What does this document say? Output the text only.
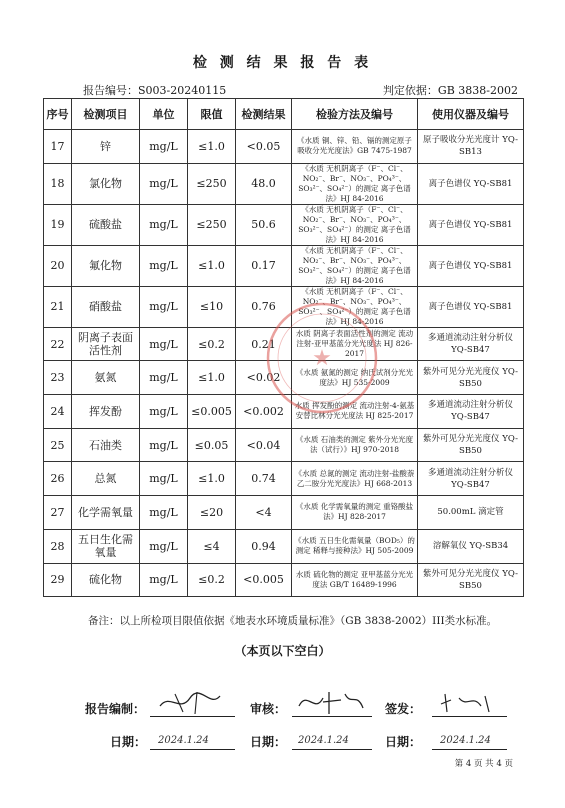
检 测 结 果 报 告 表
报告编号：S003-20240115	判定依据：GB 3838-2002
序号	检测项目	单位	限值	检测结果	检验方法及编号	使用仪器及编号
17	锌	mg/L	≤1.0	<0.05	《水质 铜、锌、铅、镉的测定原子吸收分光光度法》GB 7475-1987	原子吸收分光光度计 YQ-SB13
18	氯化物	mg/L	≤250	48.0	《水质 无机阴离子（F⁻、Cl⁻、NO₂⁻、Br⁻、NO₃⁻、PO₄³⁻、SO₃²⁻、SO₄²⁻）的测定 离子色谱法》HJ 84-2016	离子色谱仪 YQ-SB81
19	硫酸盐	mg/L	≤250	50.6	《水质 无机阴离子（F⁻、Cl⁻、NO₂⁻、Br⁻、NO₃⁻、PO₄³⁻、SO₃²⁻、SO₄²⁻）的测定 离子色谱法》HJ 84-2016	离子色谱仪 YQ-SB81
20	氟化物	mg/L	≤1.0	0.17	《水质 无机阴离子（F⁻、Cl⁻、NO₂⁻、Br⁻、NO₃⁻、PO₄³⁻、SO₃²⁻、SO₄²⁻）的测定 离子色谱法》HJ 84-2016	离子色谱仪 YQ-SB81
21	硝酸盐	mg/L	≤10	0.76	《水质 无机阴离子（F⁻、Cl⁻、NO₂⁻、Br⁻、NO₃⁻、PO₄³⁻、SO₃²⁻、SO₄²⁻）的测定 离子色谱法》HJ 84-2016	离子色谱仪 YQ-SB81
22	阴离子表面活性剂	mg/L	≤0.2	0.21	水质 阴离子表面活性剂的测定 流动注射-亚甲基蓝分光光度法 HJ 826-2017	多通道流动注射分析仪 YQ-SB47
23	氨氮	mg/L	≤1.0	<0.02	《水质 氨氮的测定 纳氏试剂分光光度法》HJ 535-2009	紫外可见分光光度仪 YQ-SB50
24	挥发酚	mg/L	≤0.005	<0.002	水质 挥发酚的测定 流动注射-4-氨基安替比林分光光度法 HJ 825-2017	多通道流动注射分析仪 YQ-SB47
25	石油类	mg/L	≤0.05	<0.04	《水质 石油类的测定 紫外分光光度法（试行）》HJ 970-2018	紫外可见分光光度仪 YQ-SB50
26	总氮	mg/L	≤1.0	0.74	《水质 总氮的测定 流动注射-盐酸萘乙二胺分光光度法》HJ 668-2013	多通道流动注射分析仪 YQ-SB47
27	化学需氧量	mg/L	≤20	<4	《水质 化学需氧量的测定 重铬酸盐法》HJ 828-2017	50.00mL 滴定管
28	五日生化需氧量	mg/L	≤4	0.94	《水质 五日生化需氧量（BOD₅）的测定 稀释与接种法》HJ 505-2009	溶解氧仪 YQ-SB34
29	硫化物	mg/L	≤0.2	<0.005	水质 硫化物的测定 亚甲基蓝分光光度法 GB/T 16489-1996	紫外可见分光光度仪 YQ-SB50
★
备注：以上所检项目限值依据《地表水环境质量标准》（GB 3838-2002）III类水标准。
（本页以下空白）
报告编制：	审核：	签发：
日期： 2024.1.24	日期： 2024.1.24	日期： 2024.1.24
第 4 页 共 4 页
